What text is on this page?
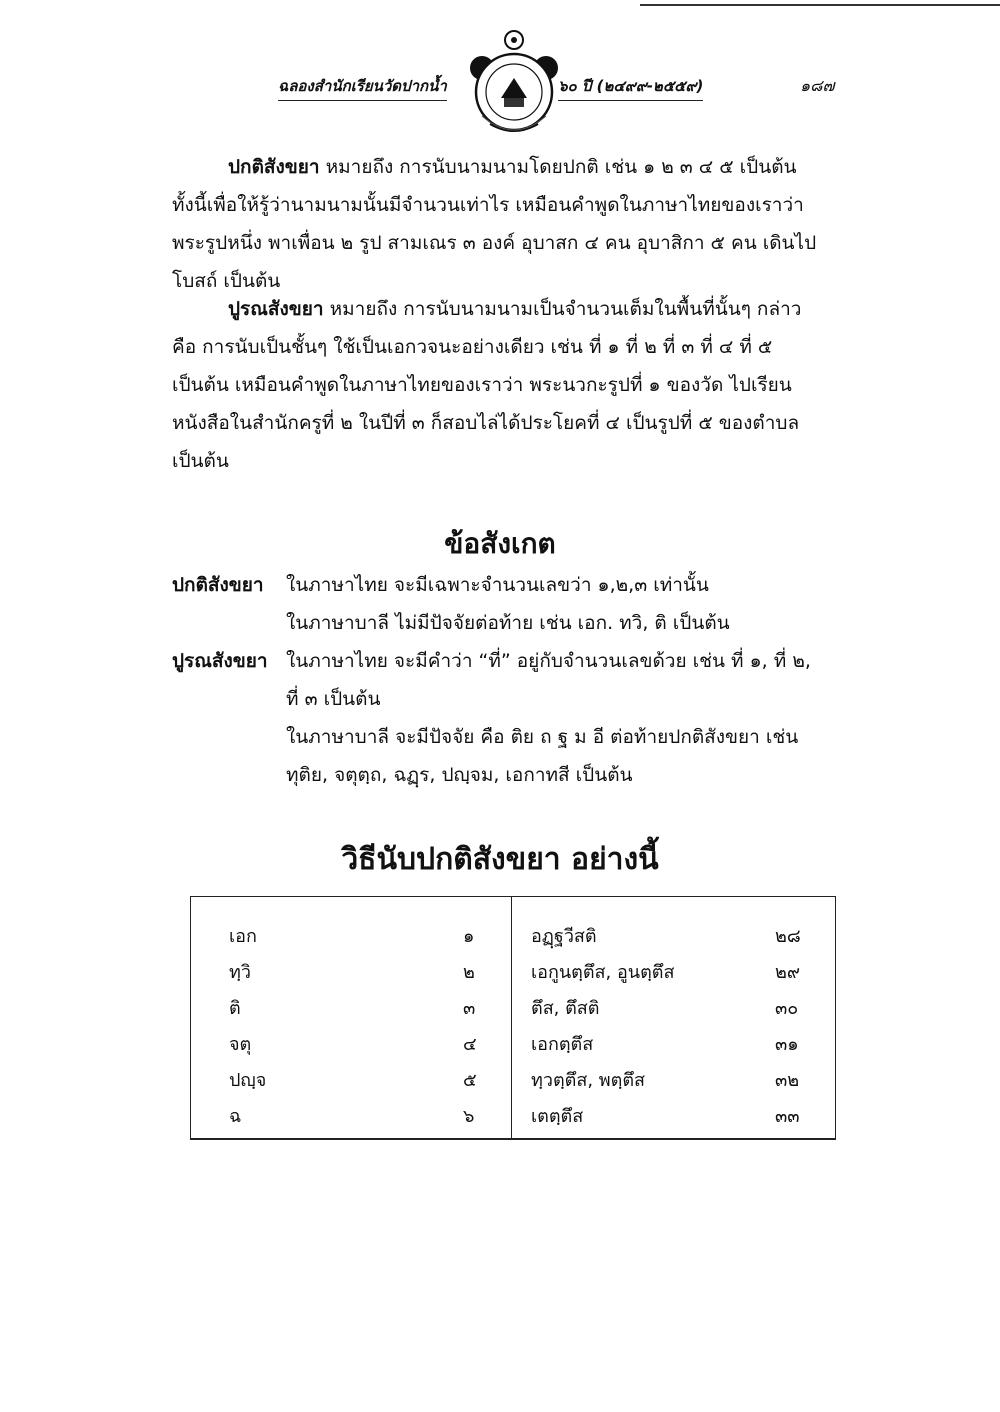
ฉลองสำนักเรียนวัดปากน้ำ	๖๐ ปี (๒๔๙๙-๒๕๕๙)	๑๘๗
ปกติสังขยา หมายถึง การนับนามนามโดยปกติ เช่น ๑ ๒ ๓ ๔ ๕ เป็นต้น
ทั้งนี้เพื่อให้รู้ว่านามนามนั้นมีจำนวนเท่าไร เหมือนคำพูดในภาษาไทยของเราว่า
พระรูปหนึ่ง พาเพื่อน ๒ รูป สามเณร ๓ องค์ อุบาสก ๔ คน อุบาสิกา ๕ คน เดินไป
โบสถ์ เป็นต้น
ปูรณสังขยา หมายถึง การนับนามนามเป็นจำนวนเต็มในพื้นที่นั้นๆ กล่าว
คือ การนับเป็นชั้นๆ ใช้เป็นเอกวจนะอย่างเดียว เช่น ที่ ๑ ที่ ๒ ที่ ๓ ที่ ๔ ที่ ๕
เป็นต้น เหมือนคำพูดในภาษาไทยของเราว่า พระนวกะรูปที่ ๑ ของวัด ไปเรียน
หนังสือในสำนักครูที่ ๒ ในปีที่ ๓ ก็สอบไล่ได้ประโยคที่ ๔ เป็นรูปที่ ๕ ของตำบล
เป็นต้น
ข้อสังเกต
ปกติสังขยา ในภาษาไทย จะมีเฉพาะจำนวนเลขว่า ๑,๒,๓ เท่านั้น
ในภาษาบาลี ไม่มีปัจจัยต่อท้าย เช่น เอก. ทวิ, ติ เป็นต้น
ปูรณสังขยา ในภาษาไทย จะมีคำว่า “ที่” อยู่กับจำนวนเลขด้วย เช่น ที่ ๑, ที่ ๒,
ที่ ๓ เป็นต้น
ในภาษาบาลี จะมีปัจจัย คือ ติย ถ ฐ ม อี ต่อท้ายปกติสังขยา เช่น
ทุติย, จตุตฺถ, ฉฏฺร, ปญฺจม, เอกาทสี เป็นต้น
วิธีนับปกติสังขยา อย่างนี้
เอก	๑
ทฺวิ	๒
ติ	๓
จตุ	๔
ปญฺจ	๕
ฉ	๖
อฏฺฐวีสติ	๒๘
เอกูนตฺตึส, อูนตฺตึส	๒๙
ตึส, ตึสติ	๓๐
เอกตฺตึส	๓๑
ทฺวตฺตึส, พตฺตึส	๓๒
เตตฺตึส	๓๓
